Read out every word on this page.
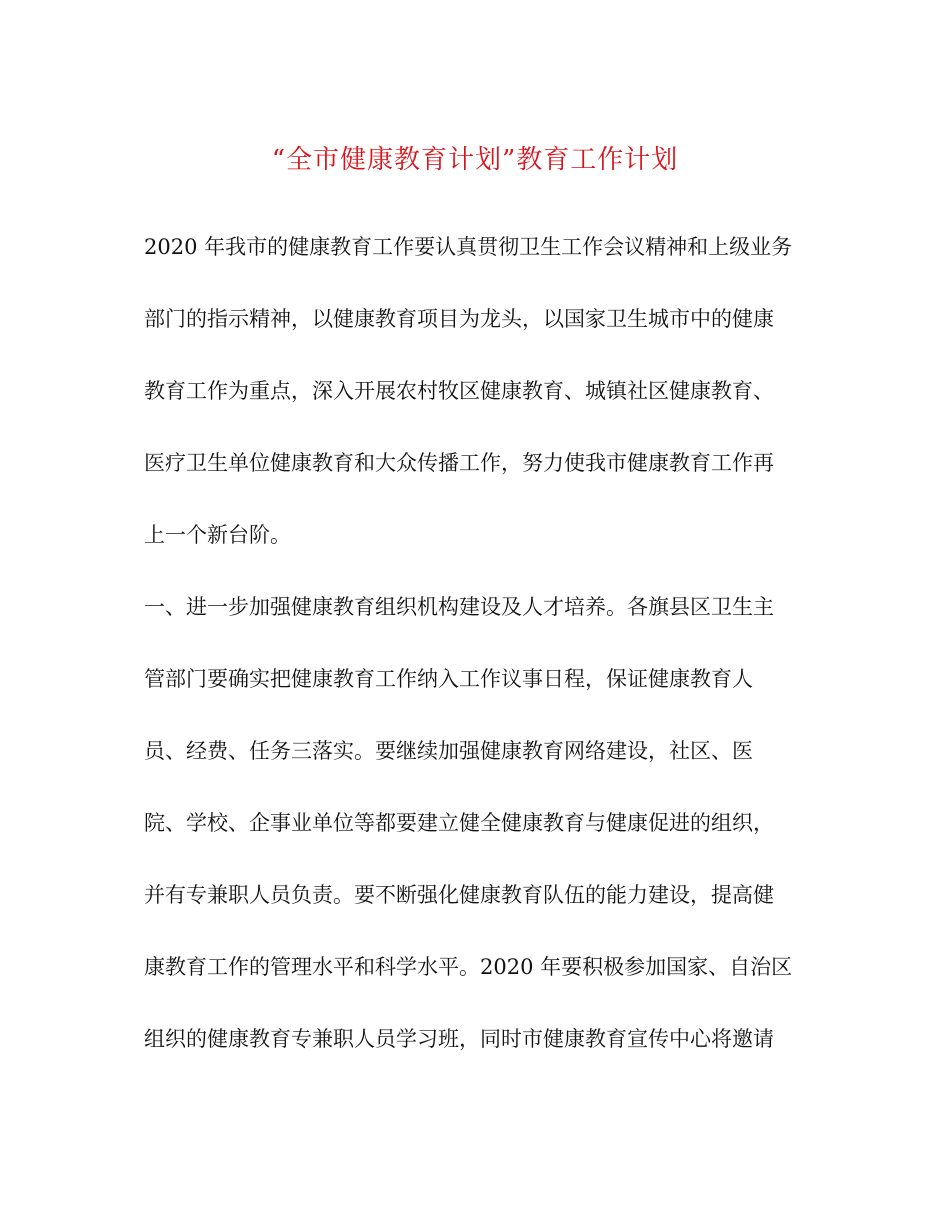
“全市健康教育计划”教育工作计划
2020 年我市的健康教育工作要认真贯彻卫生工作会议精神和上级业务
部门的指示精神，以健康教育项目为龙头，以国家卫生城市中的健康
教育工作为重点，深入开展农村牧区健康教育、城镇社区健康教育、
医疗卫生单位健康教育和大众传播工作，努力使我市健康教育工作再
上一个新台阶。
一、进一步加强健康教育组织机构建设及人才培养。各旗县区卫生主
管部门要确实把健康教育工作纳入工作议事日程，保证健康教育人
员、经费、任务三落实。要继续加强健康教育网络建设，社区、医
院、学校、企事业单位等都要建立健全健康教育与健康促进的组织，
并有专兼职人员负责。要不断强化健康教育队伍的能力建设，提高健
康教育工作的管理水平和科学水平。2020 年要积极参加国家、自治区
组织的健康教育专兼职人员学习班，同时市健康教育宣传中心将邀请
